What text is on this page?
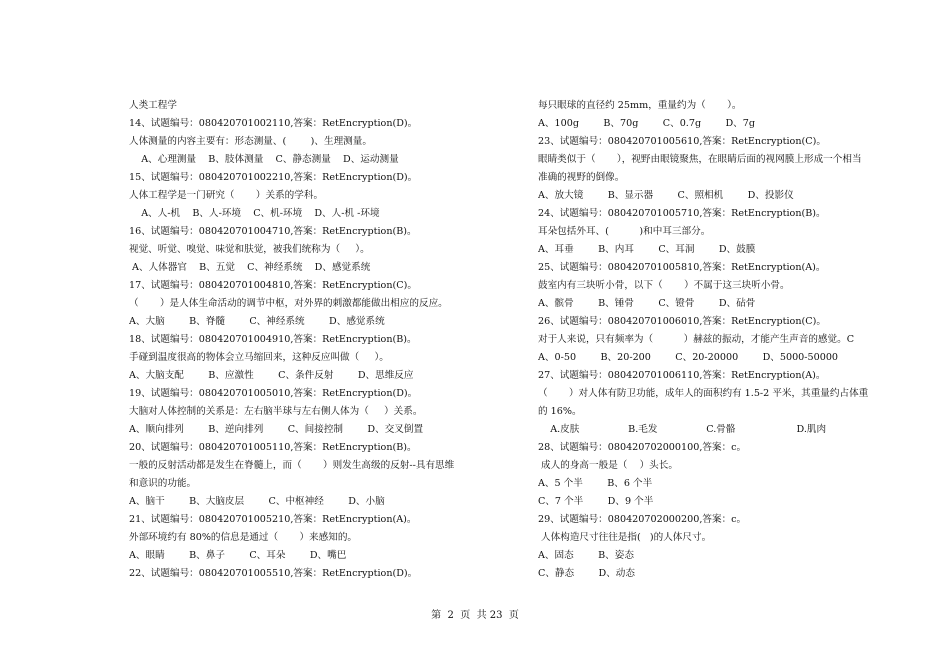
人类工程学
14、试题编号：080420701002110,答案：RetEncryption(D)。
人体测量的内容主要有：形态测量、(        )、生理测量。
A、心理测量    B、肢体测量    C、静态测量    D、运动测量
15、试题编号：080420701002210,答案：RetEncryption(D)。
人体工程学是一门研究（       ）关系的学科。
A、人-机    B、人-环境    C、机-环境    D、人-机 -环境
16、试题编号：080420701004710,答案：RetEncryption(B)。
视觉、听觉、嗅觉、味觉和肤觉，被我们统称为（     ）。
A、人体器官    B、五觉    C、神经系统    D、感觉系统
17、试题编号：080420701004810,答案：RetEncryption(C)。
（       ）是人体生命活动的调节中枢，对外界的刺激都能做出相应的反应。
A、大脑        B、脊髓        C、神经系统        D、感觉系统
18、试题编号：080420701004910,答案：RetEncryption(B)。
手碰到温度很高的物体会立马缩回来，这种反应叫做（     ）。
A、大脑支配        B、应激性        C、条件反射        D、思维反应
19、试题编号：080420701005010,答案：RetEncryption(D)。
大脑对人体控制的关系是：左右脑半球与左右侧人体为（     ）关系。
A、顺向排列        B、逆向排列        C、间接控制        D、交叉倒置
20、试题编号：080420701005110,答案：RetEncryption(B)。
一般的反射活动都是发生在脊髓上，而（       ）则发生高级的反射--具有思维
和意识的功能。
A、脑干        B、大脑皮层        C、中枢神经        D、小脑
21、试题编号：080420701005210,答案：RetEncryption(A)。
外部环境约有 80%的信息是通过（       ）来感知的。
A、眼睛        B、鼻子        C、耳朵        D、嘴巴
22、试题编号：080420701005510,答案：RetEncryption(D)。
每只眼球的直径约 25mm，重量约为（       ）。
A、100g        B、70g        C、0.7g        D、7g
23、试题编号：080420701005610,答案：RetEncryption(C)。
眼睛类似于（       ），视野由眼镜聚焦，在眼睛后面的视网膜上形成一个相当
准确的视野的倒像。
A、放大镜        B、显示器        C、照相机        D、投影仪
24、试题编号：080420701005710,答案：RetEncryption(B)。
耳朵包括外耳、(          )和中耳三部分。
A、耳垂        B、内耳        C、耳洞        D、鼓膜
25、试题编号：080420701005810,答案：RetEncryption(A)。
鼓室内有三块听小骨，以下（       ）不属于这三块听小骨。
A、髌骨        B、锤骨        C、镫骨        D、砧骨
26、试题编号：080420701006010,答案：RetEncryption(C)。
对于人来说，只有频率为（          ）赫兹的振动，才能产生声音的感觉。C
A、0-50        B、20-200        C、20-20000        D、5000-50000
27、试题编号：080420701006110,答案：RetEncryption(A)。
（       ）对人体有防卫功能，成年人的面积约有 1.5-2 平米，其重量约占体重
的 16%。
A.皮肤                B.毛发                C.骨骼                    D.肌肉
28、试题编号：080420702000100,答案：c。
成人的身高一般是（    ）头长。
A、5 个半        B、6 个半
C、7 个半        D、9 个半
29、试题编号：080420702000200,答案：c。
人体构造尺寸往往是指(   )的人体尺寸。
A、固态        B、姿态
C、静态        D、动态
第  2  页  共 23  页
